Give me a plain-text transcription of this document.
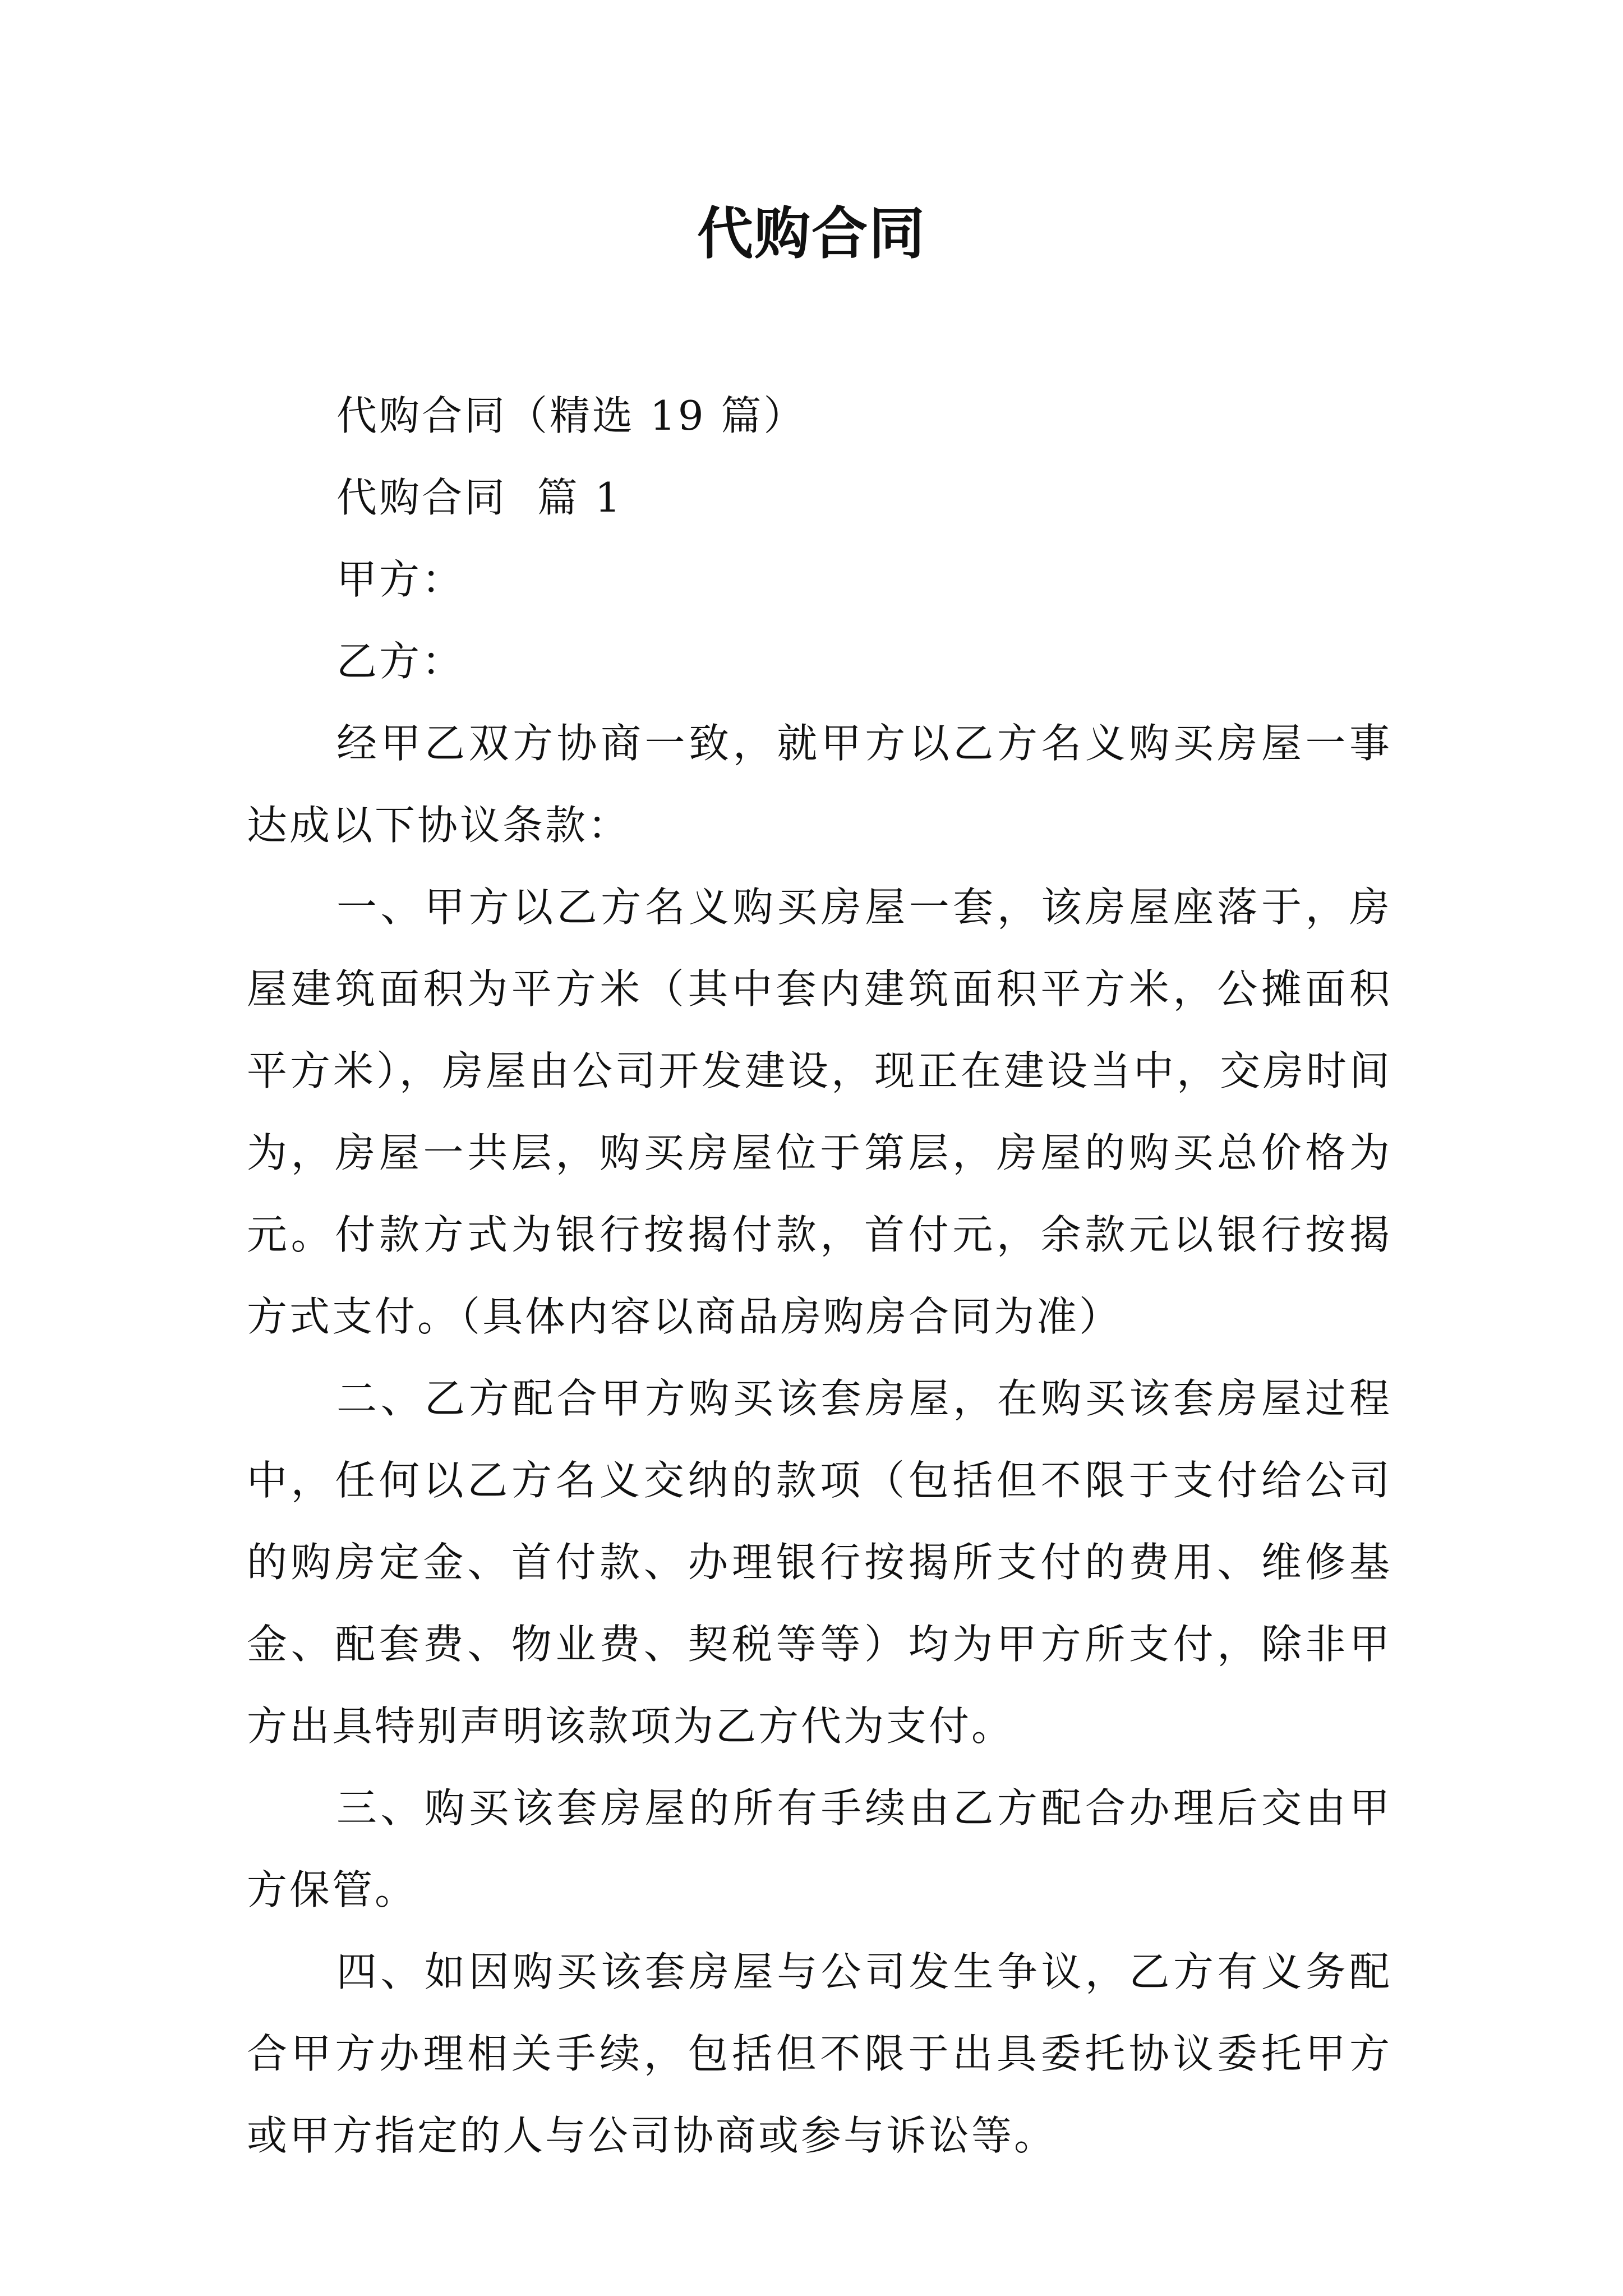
代购合同

代购合同（精选 19 篇）

代购合同  篇 1

甲方：

乙方：

经甲乙双方协商一致，就甲方以乙方名义购买房屋一事达成以下协议条款：

一、甲方以乙方名义购买房屋一套，该房屋座落于，房屋建筑面积为平方米（其中套内建筑面积平方米，公摊面积平方米），房屋由公司开发建设，现正在建设当中，交房时间为，房屋一共层，购买房屋位于第层，房屋的购买总价格为元。付款方式为银行按揭付款，首付元，余款元以银行按揭方式支付。（具体内容以商品房购房合同为准）

二、乙方配合甲方购买该套房屋，在购买该套房屋过程中，任何以乙方名义交纳的款项（包括但不限于支付给公司的购房定金、首付款、办理银行按揭所支付的费用、维修基金、配套费、物业费、契税等等）均为甲方所支付，除非甲方出具特别声明该款项为乙方代为支付。

三、购买该套房屋的所有手续由乙方配合办理后交由甲方保管。

四、如因购买该套房屋与公司发生争议，乙方有义务配合甲方办理相关手续，包括但不限于出具委托协议委托甲方或甲方指定的人与公司协商或参与诉讼等。
